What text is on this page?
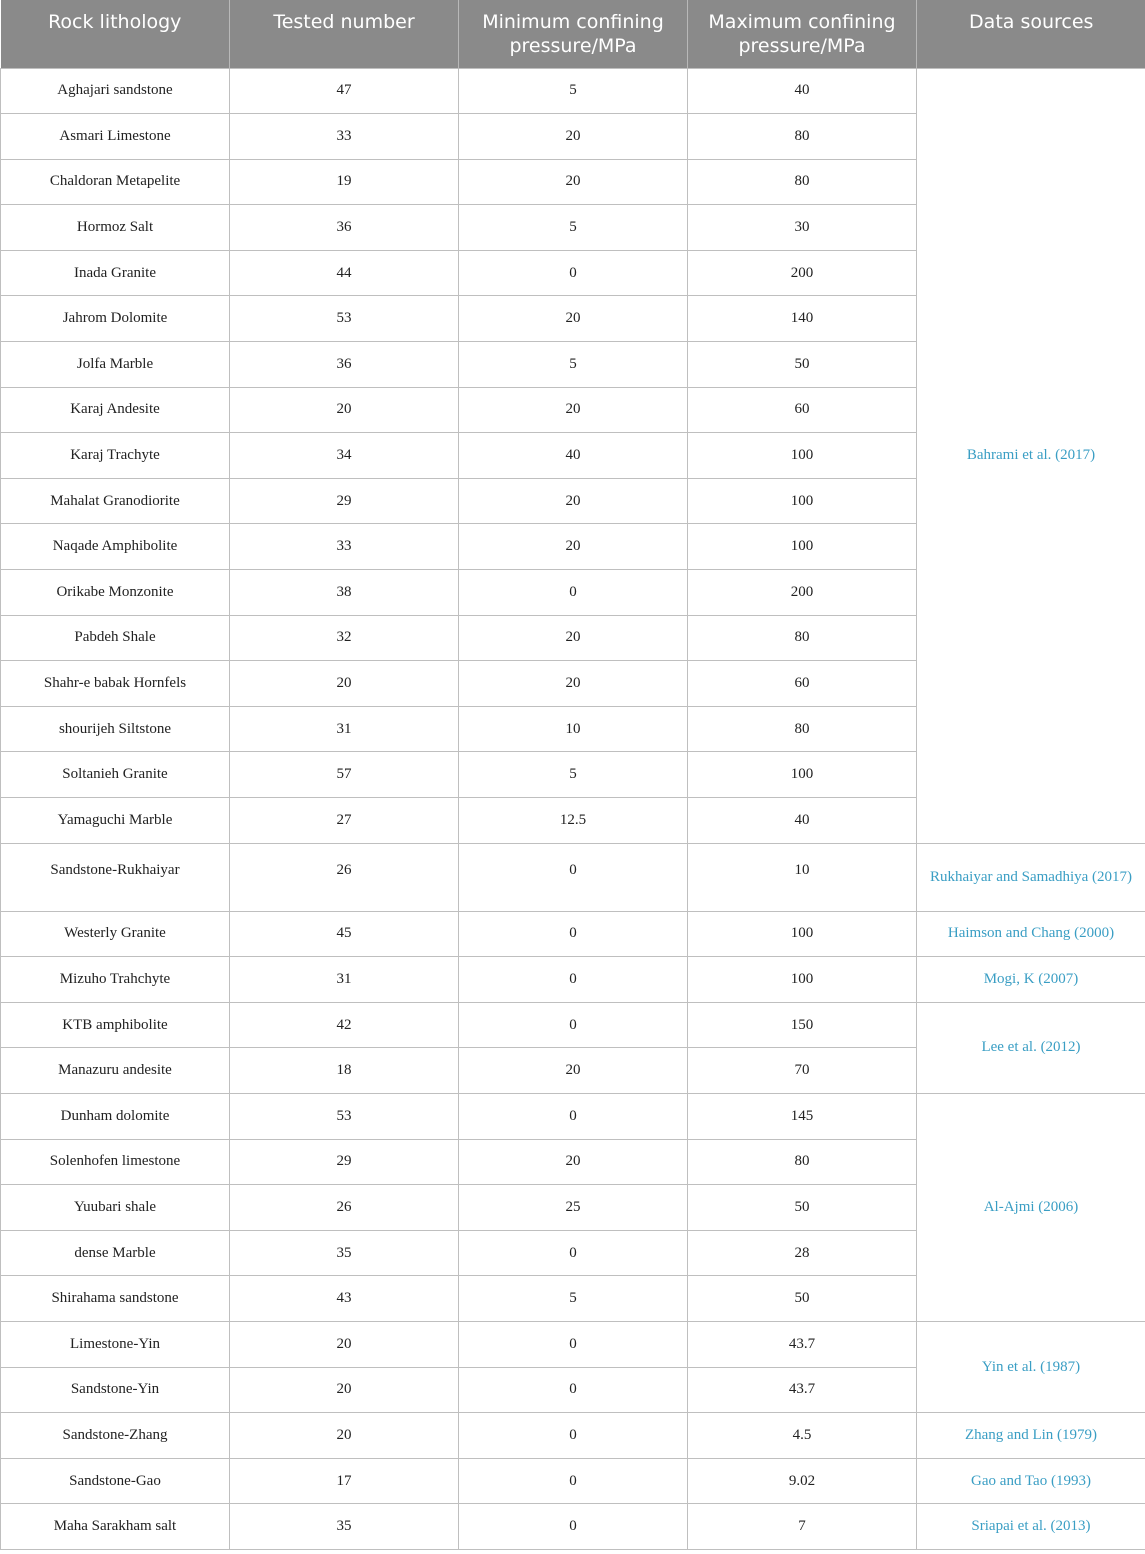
Rock lithology	Tested number	Minimum confining pressure/MPa	Maximum confining pressure/MPa	Data sources
Aghajari sandstone	47	5	40	Bahrami et al. (2017)
Asmari Limestone	33	20	80	
Chaldoran Metapelite	19	20	80	
Hormoz Salt	36	5	30	
Inada Granite	44	0	200	
Jahrom Dolomite	53	20	140	
Jolfa Marble	36	5	50	
Karaj Andesite	20	20	60	
Karaj Trachyte	34	40	100	
Mahalat Granodiorite	29	20	100	
Naqade Amphibolite	33	20	100	
Orikabe Monzonite	38	0	200	
Pabdeh Shale	32	20	80	
Shahr-e babak Hornfels	20	20	60	
shourijeh Siltstone	31	10	80	
Soltanieh Granite	57	5	100	
Yamaguchi Marble	27	12.5	40	
Sandstone-Rukhaiyar	26	0	10	Rukhaiyar and Samadhiya (2017)
Westerly Granite	45	0	100	Haimson and Chang (2000)
Mizuho Trahchyte	31	0	100	Mogi, K (2007)
KTB amphibolite	42	0	150	Lee et al. (2012)
Manazuru andesite	18	20	70	
Dunham dolomite	53	0	145	Al-Ajmi (2006)
Solenhofen limestone	29	20	80	
Yuubari shale	26	25	50	
dense Marble	35	0	28	
Shirahama sandstone	43	5	50	
Limestone-Yin	20	0	43.7	Yin et al. (1987)
Sandstone-Yin	20	0	43.7	
Sandstone-Zhang	20	0	4.5	Zhang and Lin (1979)
Sandstone-Gao	17	0	9.02	Gao and Tao (1993)
Maha Sarakham salt	35	0	7	Sriapai et al. (2013)
